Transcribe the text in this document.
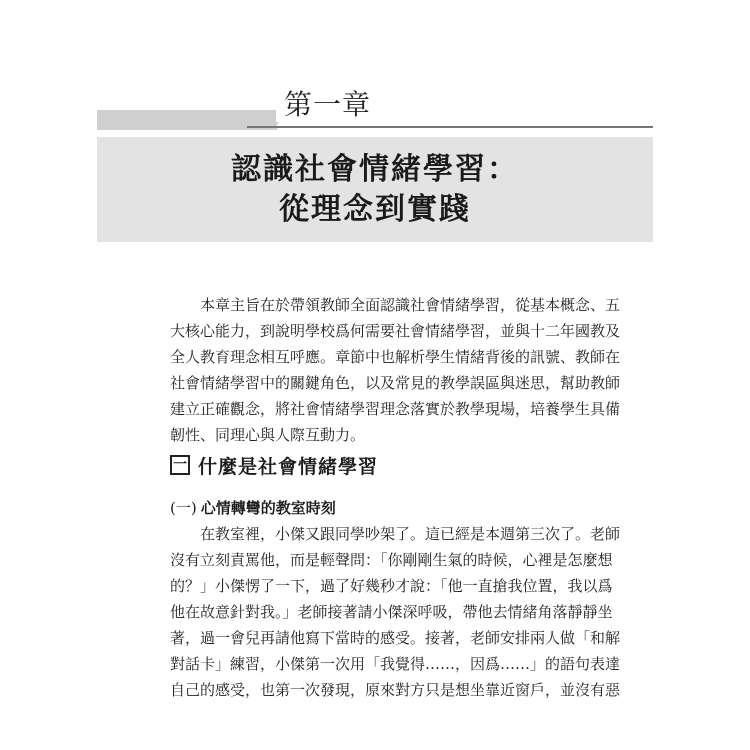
第一章
認識社會情緒學習：
從理念到實踐
本章主旨在於帶領教師全面認識社會情緒學習，從基本概念、五
大核心能力，到說明學校爲何需要社會情緒學習，並與十二年國教及
全人教育理念相互呼應。章節中也解析學生情緒背後的訊號、教師在
社會情緒學習中的關鍵角色，以及常見的教學誤區與迷思，幫助教師
建立正確觀念，將社會情緒學習理念落實於教學現場，培養學生具備
韌性、同理心與人際互動力。
一 什麼是社會情緒學習
(一) 心情轉彎的教室時刻
在教室裡，小傑又跟同學吵架了。這已經是本週第三次了。老師
沒有立刻責罵他，而是輕聲問：「你剛剛生氣的時候，心裡是怎麼想
的？」小傑愣了一下，過了好幾秒才說：「他一直搶我位置，我以爲
他在故意針對我。」老師接著請小傑深呼吸，帶他去情緒角落靜靜坐
著，過一會兒再請他寫下當時的感受。接著，老師安排兩人做「和解
對話卡」練習，小傑第一次用「我覺得……，因爲……」的語句表達
自己的感受，也第一次發現，原來對方只是想坐靠近窗戶，並沒有惡
